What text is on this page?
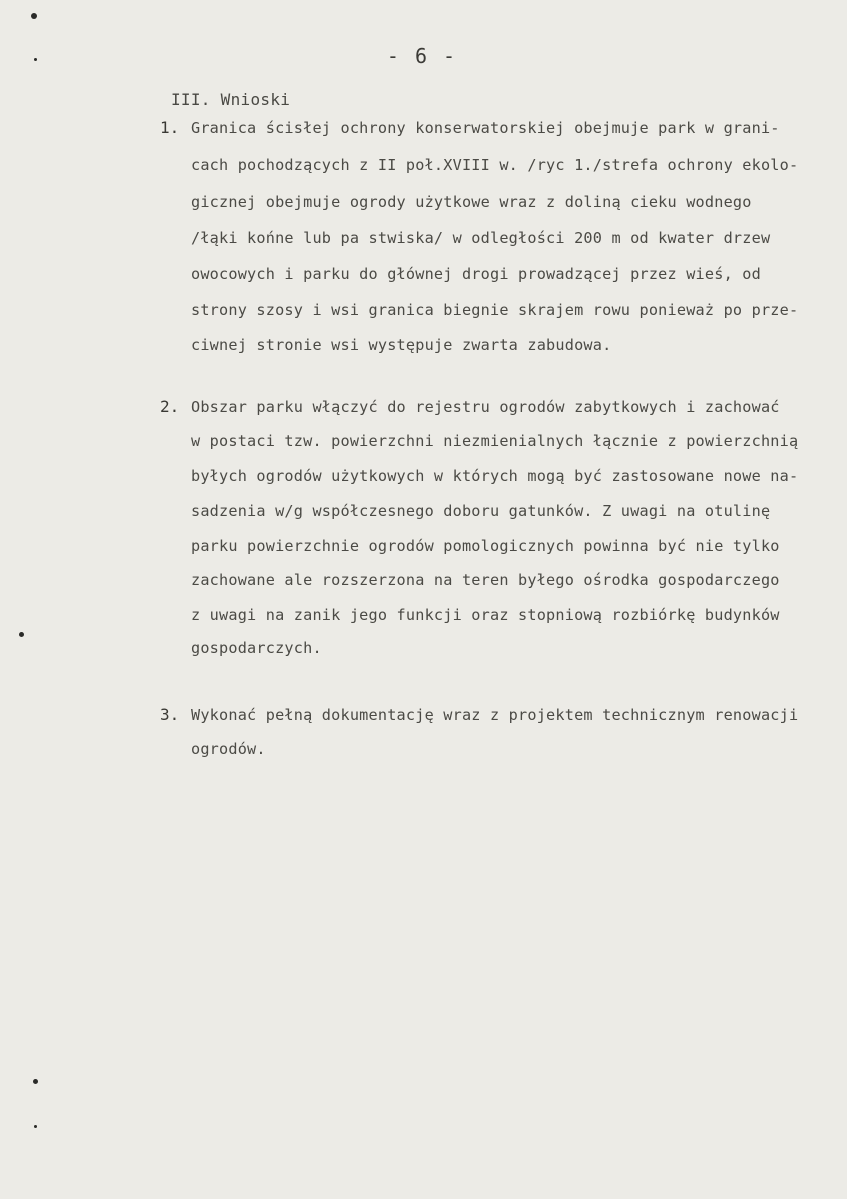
- 6 -
III. Wnioski
1. Granica ścisłej ochrony konserwatorskiej obejmuje park w grani-
cach pochodzących z II poł.XVIII w. /ryc 1./strefa ochrony ekolo-
gicznej obejmuje ogrody użytkowe wraz z doliną cieku wodnego
/łąki końne lub pa stwiska/ w odległości 200 m od kwater drzew
owocowych i parku do głównej drogi prowadzącej przez wieś, od
strony szosy i wsi granica biegnie skrajem rowu ponieważ po prze-
ciwnej stronie wsi występuje zwarta zabudowa.
2. Obszar parku włączyć do rejestru ogrodów zabytkowych i zachować
w postaci tzw. powierzchni niezmienialnych łącznie z powierzchnią
byłych ogrodów użytkowych w których mogą być zastosowane nowe na-
sadzenia w/g współczesnego doboru gatunków. Z uwagi na otulinę
parku powierzchnie ogrodów pomologicznych powinna być nie tylko
zachowane ale rozszerzona na teren byłego ośrodka gospodarczego
z uwagi na zanik jego funkcji oraz stopniową rozbiórkę budynków
gospodarczych.
3. Wykonać pełną dokumentację wraz z projektem technicznym renowacji
ogrodów.
